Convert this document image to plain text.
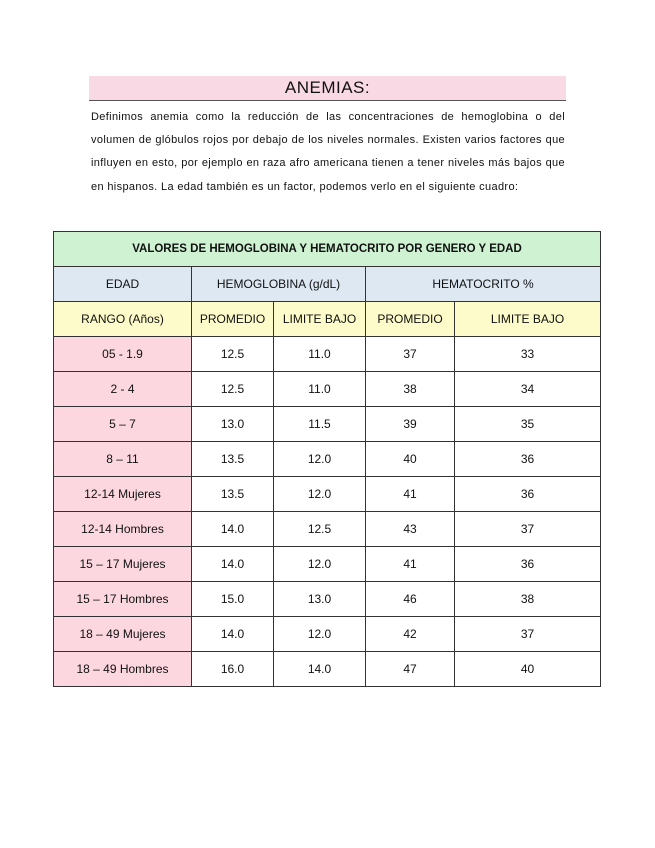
ANEMIAS:
Definimos anemia como la reducción de las concentraciones de hemoglobina o del volumen de glóbulos rojos por debajo de los niveles normales. Existen varios factores que influyen en esto, por ejemplo en raza afro americana tienen a tener niveles más bajos que en hispanos. La edad también es un factor, podemos verlo en el siguiente cuadro:
VALORES DE HEMOGLOBINA Y HEMATOCRITO POR GENERO Y EDAD				
EDAD	HEMOGLOBINA (g/dL)		HEMATOCRITO %	
RANGO (Años)	PROMEDIO	LIMITE BAJO	PROMEDIO	LIMITE BAJO
05 - 1.9	12.5	11.0	37	33
2 - 4	12.5	11.0	38	34
5 – 7	13.0	11.5	39	35
8 – 11	13.5	12.0	40	36
12-14 Mujeres	13.5	12.0	41	36
12-14 Hombres	14.0	12.5	43	37
15 – 17 Mujeres	14.0	12.0	41	36
15 – 17 Hombres	15.0	13.0	46	38
18 – 49 Mujeres	14.0	12.0	42	37
18 – 49 Hombres	16.0	14.0	47	40
